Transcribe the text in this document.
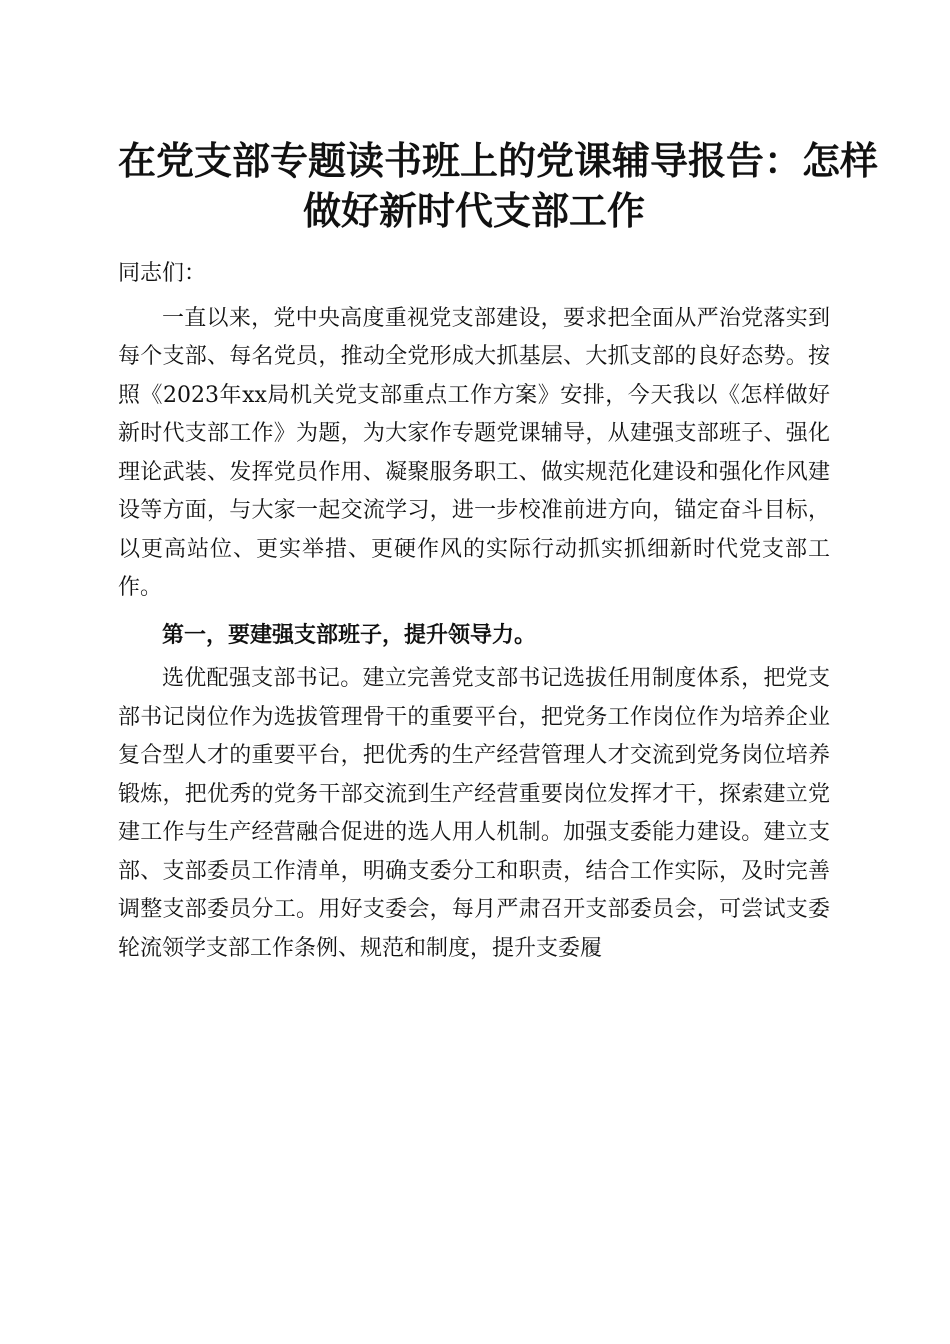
在党支部专题读书班上的党课辅导报告：怎样
做好新时代支部工作

同志们：

一直以来，党中央高度重视党支部建设，要求把全面从严治党落实到每个支部、每名党员，推动全党形成大抓基层、大抓支部的良好态势。按照《2023年xx局机关党支部重点工作方案》安排，今天我以《怎样做好新时代支部工作》为题，为大家作专题党课辅导，从建强支部班子、强化理论武装、发挥党员作用、凝聚服务职工、做实规范化建设和强化作风建设等方面，与大家一起交流学习，进一步校准前进方向，锚定奋斗目标，以更高站位、更实举措、更硬作风的实际行动抓实抓细新时代党支部工作。

第一，要建强支部班子，提升领导力。

选优配强支部书记。建立完善党支部书记选拔任用制度体系，把党支部书记岗位作为选拔管理骨干的重要平台，把党务工作岗位作为培养企业复合型人才的重要平台，把优秀的生产经营管理人才交流到党务岗位培养锻炼，把优秀的党务干部交流到生产经营重要岗位发挥才干，探索建立党建工作与生产经营融合促进的选人用人机制。加强支委能力建设。建立支部、支部委员工作清单，明确支委分工和职责，结合工作实际，及时完善调整支部委员分工。用好支委会，每月严肃召开支部委员会，可尝试支委轮流领学支部工作条例、规范和制度，提升支委履
